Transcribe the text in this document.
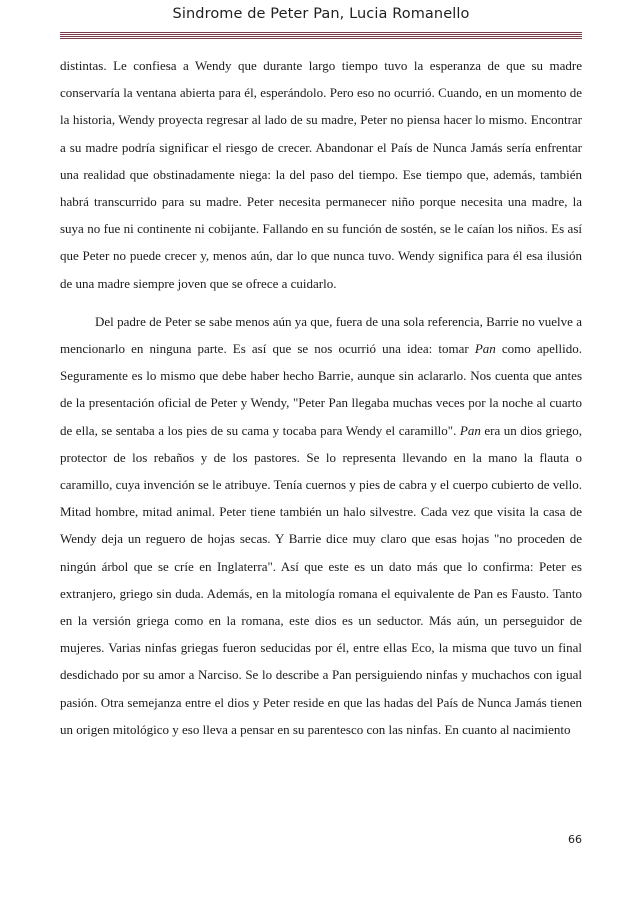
Sindrome de Peter Pan, Lucia Romanello

distintas. Le confiesa a Wendy que durante largo tiempo tuvo la esperanza de que su madre conservaría la ventana abierta para él, esperándolo. Pero eso no ocurrió. Cuando, en un momento de la historia, Wendy proyecta regresar al lado de su madre, Peter no piensa hacer lo mismo. Encontrar a su madre podría significar el riesgo de crecer. Abandonar el País de Nunca Jamás sería enfrentar una realidad que obstinadamente niega: la del paso del tiempo. Ese tiempo que, además, también habrá transcurrido para su madre. Peter necesita permanecer niño porque necesita una madre, la suya no fue ni continente ni cobijante. Fallando en su función de sostén, se le caían los niños. Es así que Peter no puede crecer y, menos aún, dar lo que nunca tuvo. Wendy significa para él esa ilusión de una madre siempre joven que se ofrece a cuidarlo.

Del padre de Peter se sabe menos aún ya que, fuera de una sola referencia, Barrie no vuelve a mencionarlo en ninguna parte. Es así que se nos ocurrió una idea: tomar Pan como apellido. Seguramente es lo mismo que debe haber hecho Barrie, aunque sin aclararlo. Nos cuenta que antes de la presentación oficial de Peter y Wendy, "Peter Pan llegaba muchas veces por la noche al cuarto de ella, se sentaba a los pies de su cama y tocaba para Wendy el caramillo". Pan era un dios griego, protector de los rebaños y de los pastores. Se lo representa llevando en la mano la flauta o caramillo, cuya invención se le atribuye. Tenía cuernos y pies de cabra y el cuerpo cubierto de vello. Mitad hombre, mitad animal. Peter tiene también un halo silvestre. Cada vez que visita la casa de Wendy deja un reguero de hojas secas. Y Barrie dice muy claro que esas hojas "no proceden de ningún árbol que se críe en Inglaterra". Así que este es un dato más que lo confirma: Peter es extranjero, griego sin duda. Además, en la mitología romana el equivalente de Pan es Fausto. Tanto en la versión griega como en la romana, este dios es un seductor. Más aún, un perseguidor de mujeres. Varias ninfas griegas fueron seducidas por él, entre ellas Eco, la misma que tuvo un final desdichado por su amor a Narciso. Se lo describe a Pan persiguiendo ninfas y muchachos con igual pasión. Otra semejanza entre el dios y Peter reside en que las hadas del País de Nunca Jamás tienen un origen mitológico y eso lleva a pensar en su parentesco con las ninfas. En cuanto al nacimiento

66
